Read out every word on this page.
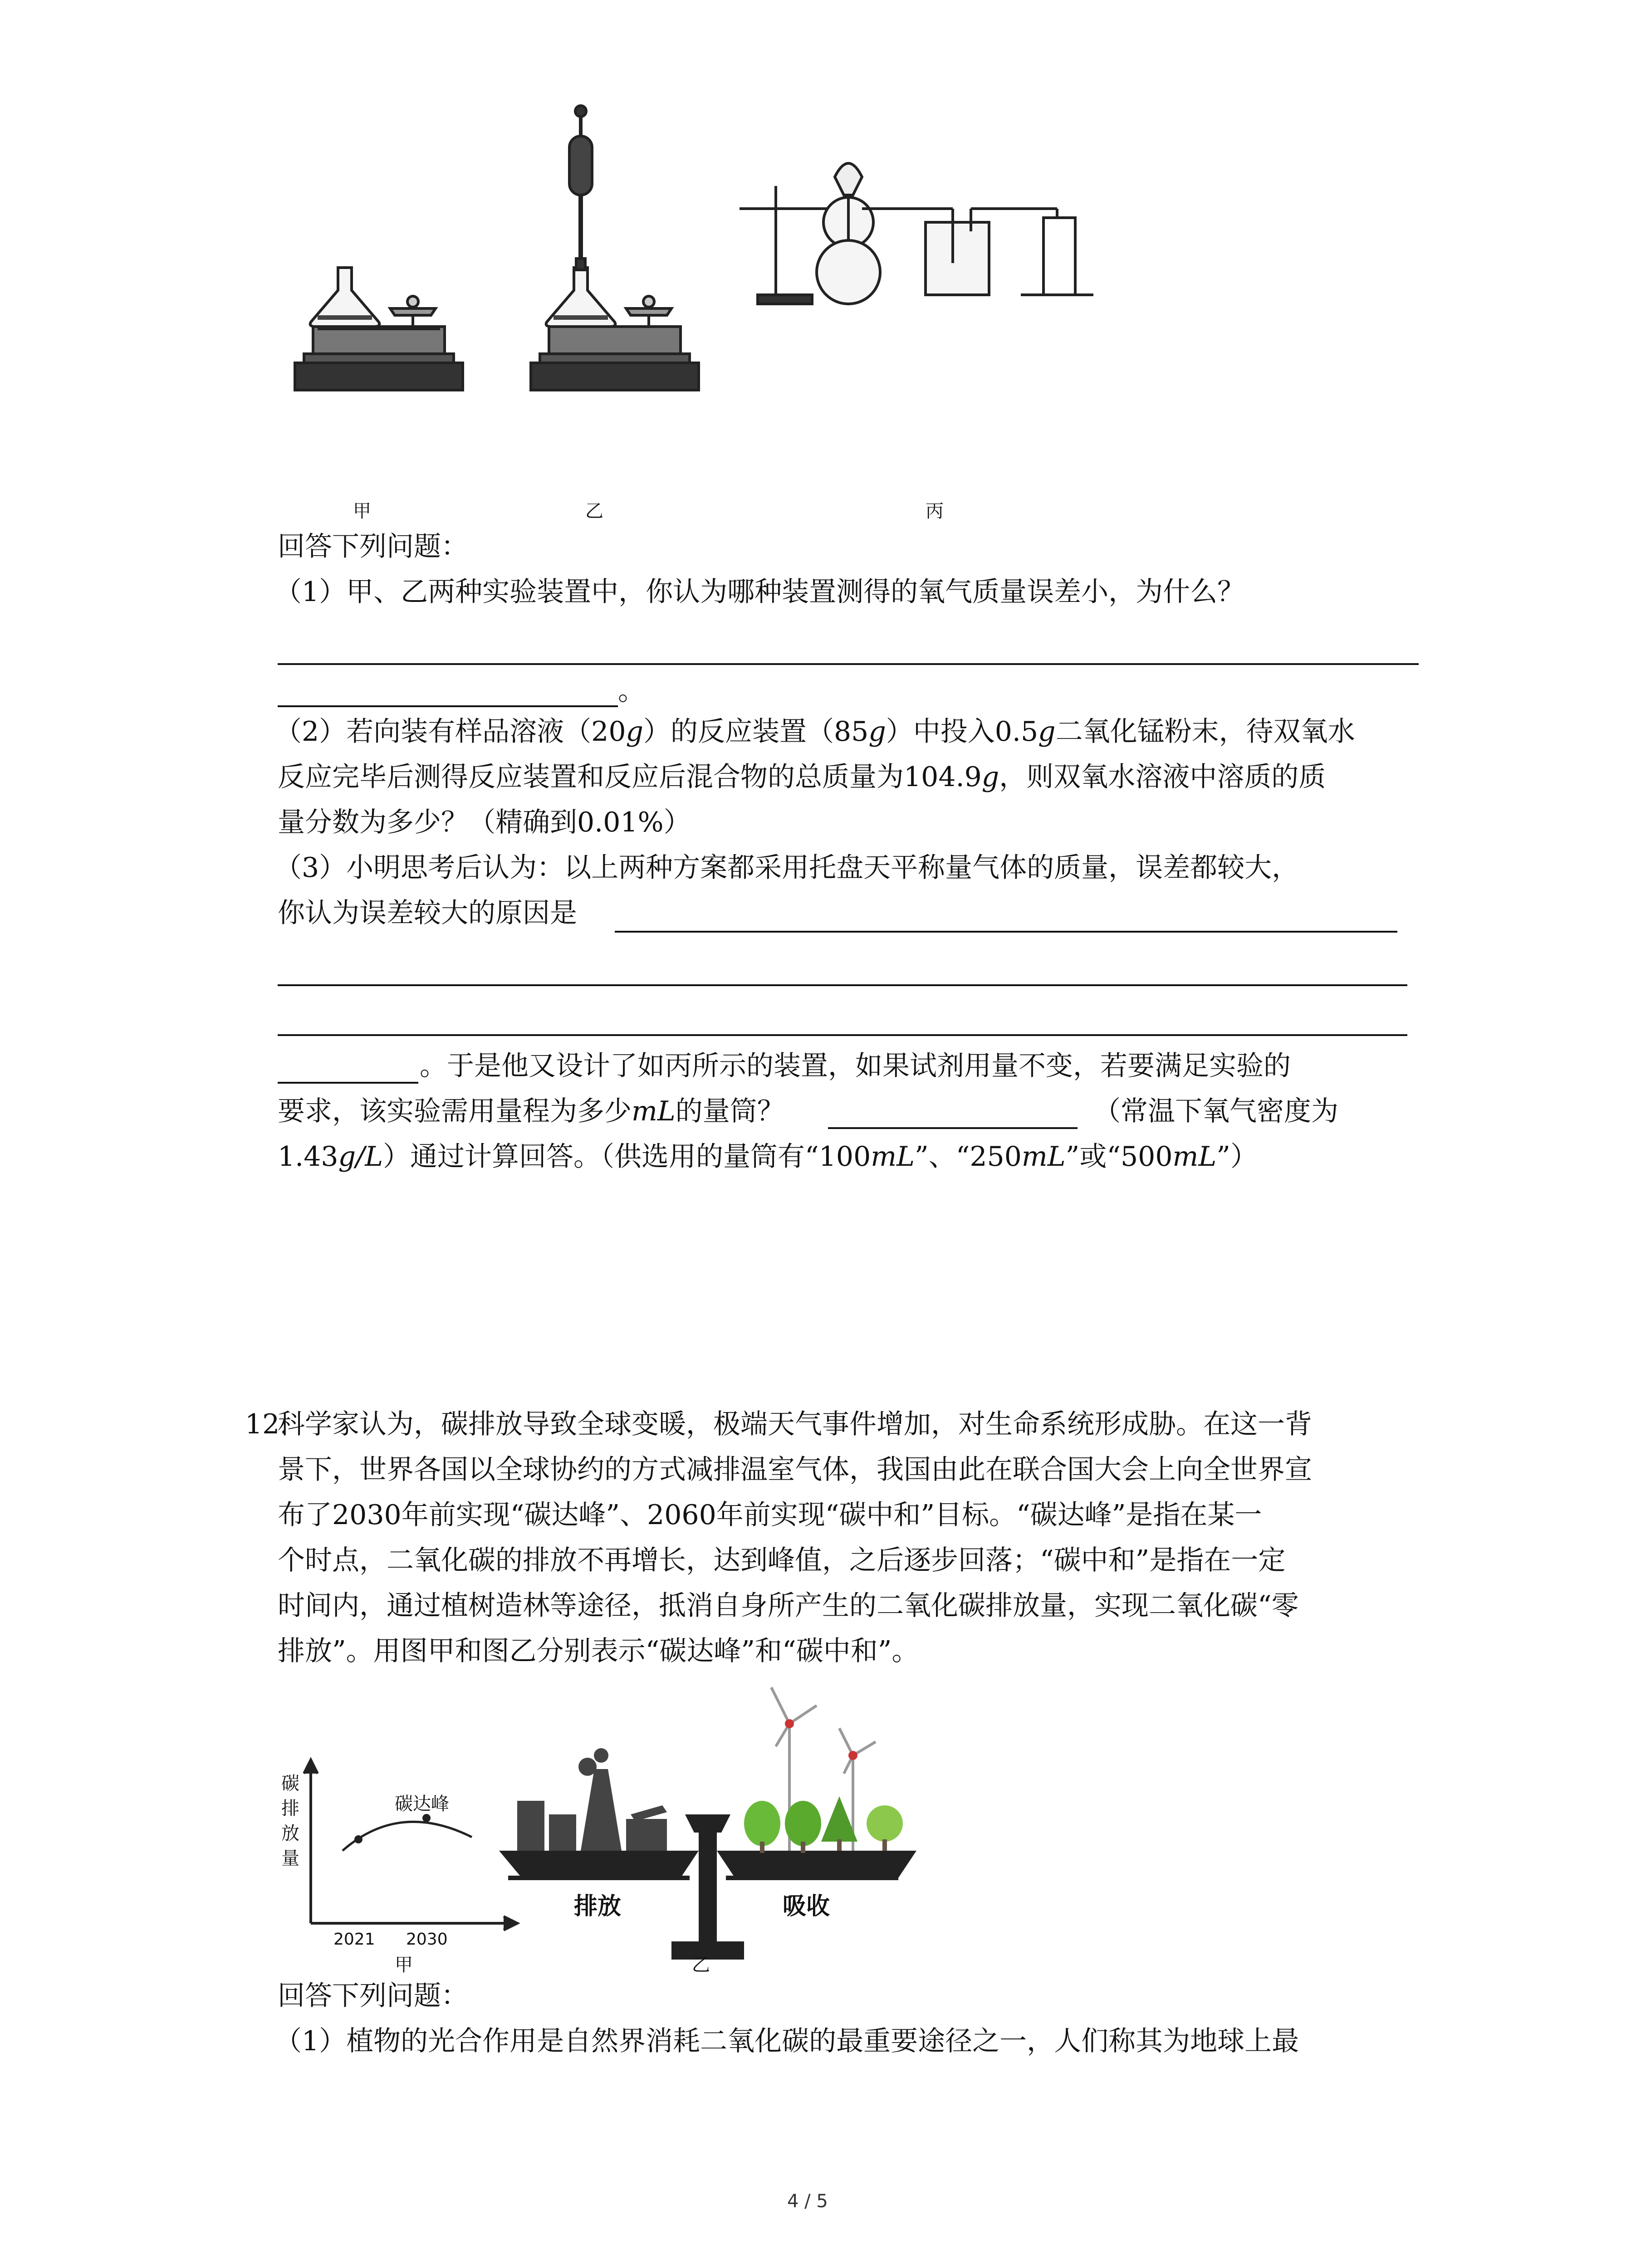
甲	乙	丙
回答下列问题：
（1）甲、乙两种实验装置中，你认为哪种装置测得的氧气质量误差小，为什么？
。
（2）若向装有样品溶液（20g）的反应装置（85g）中投入0.5g二氧化锰粉末，待双氧水
反应完毕后测得反应装置和反应后混合物的总质量为104.9g，则双氧水溶液中溶质的质
量分数为多少？（精确到0.01%）
（3）小明思考后认为：以上两种方案都采用托盘天平称量气体的质量，误差都较大，
你认为误差较大的原因是
。于是他又设计了如丙所示的装置，如果试剂用量不变，若要满足实验的
要求，该实验需用量程为多少mL的量筒？	（常温下氧气密度为
1.43g/L）通过计算回答。（供选用的量筒有“100mL”、“250mL”或“500mL”）
12.
科学家认为，碳排放导致全球变暖，极端天气事件增加，对生命系统形成胁。在这一背
景下，世界各国以全球协约的方式减排温室气体，我国由此在联合国大会上向全世界宣
布了2030年前实现“碳达峰”、2060年前实现“碳中和”目标。“碳达峰”是指在某一
个时点，二氧化碳的排放不再增长，达到峰值，之后逐步回落；“碳中和”是指在一定
时间内，通过植树造林等途径，抵消自身所产生的二氧化碳排放量，实现二氧化碳“零
排放”。用图甲和图乙分别表示“碳达峰”和“碳中和”。
碳
排
放
量
碳达峰
2021 2030
甲
排放	吸收
乙
回答下列问题：
（1）植物的光合作用是自然界消耗二氧化碳的最重要途径之一，人们称其为地球上最
4 / 5
